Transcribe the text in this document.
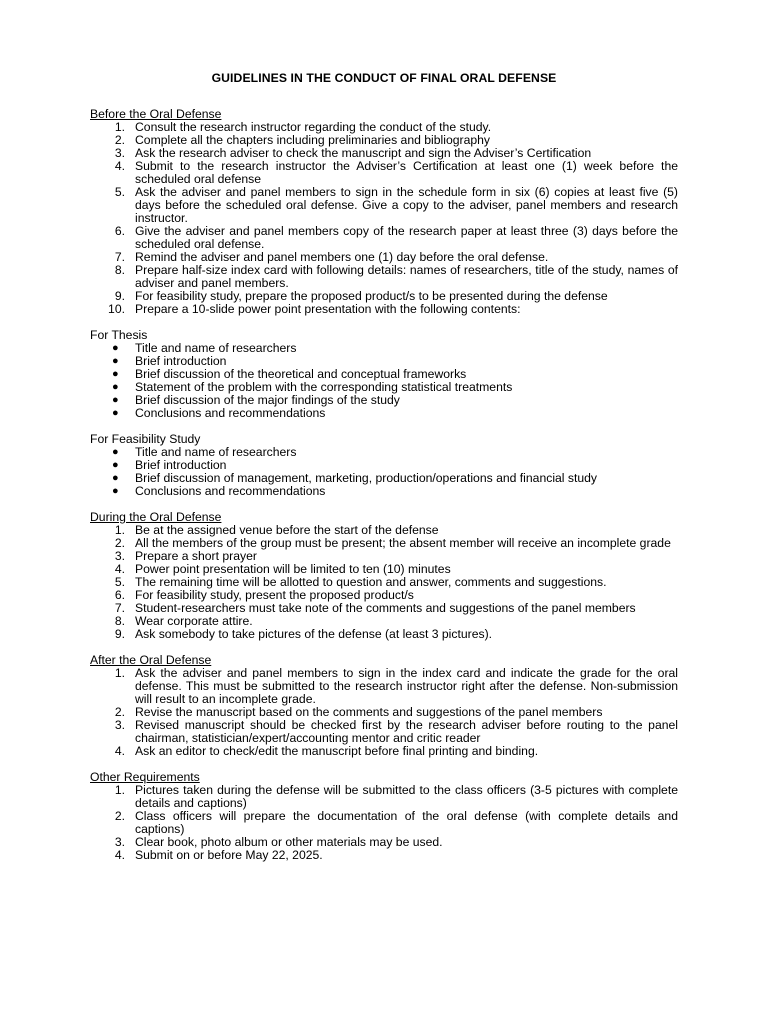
GUIDELINES IN THE CONDUCT OF FINAL ORAL DEFENSE
Before the Oral Defense
1. Consult the research instructor regarding the conduct of the study.
2. Complete all the chapters including preliminaries and bibliography
3. Ask the research adviser to check the manuscript and sign the Adviser’s Certification
4. Submit to the research instructor the Adviser’s Certification at least one (1) week before the scheduled oral defense
5. Ask the adviser and panel members to sign in the schedule form in six (6) copies at least five (5) days before the scheduled oral defense. Give a copy to the adviser, panel members and research instructor.
6. Give the adviser and panel members copy of the research paper at least three (3) days before the scheduled oral defense.
7. Remind the adviser and panel members one (1) day before the oral defense.
8. Prepare half-size index card with following details: names of researchers, title of the study, names of adviser and panel members.
9. For feasibility study, prepare the proposed product/s to be presented during the defense
10. Prepare a 10-slide power point presentation with the following contents:
For Thesis
●	Title and name of researchers
●	Brief introduction
●	Brief discussion of the theoretical and conceptual frameworks
●	Statement of the problem with the corresponding statistical treatments
●	Brief discussion of the major findings of the study
●	Conclusions and recommendations
For Feasibility Study
●	Title and name of researchers
●	Brief introduction
●	Brief discussion of management, marketing, production/operations and financial study
●	Conclusions and recommendations
During the Oral Defense
1. Be at the assigned venue before the start of the defense
2. All the members of the group must be present; the absent member will receive an incomplete grade
3. Prepare a short prayer
4. Power point presentation will be limited to ten (10) minutes
5. The remaining time will be allotted to question and answer, comments and suggestions.
6. For feasibility study, present the proposed product/s
7. Student-researchers must take note of the comments and suggestions of the panel members
8. Wear corporate attire.
9. Ask somebody to take pictures of the defense (at least 3 pictures).
After the Oral Defense
1. Ask the adviser and panel members to sign in the index card and indicate the grade for the oral defense. This must be submitted to the research instructor right after the defense. Non-submission will result to an incomplete grade.
2. Revise the manuscript based on the comments and suggestions of the panel members
3. Revised manuscript should be checked first by the research adviser before routing to the panel chairman, statistician/expert/accounting mentor and critic reader
4. Ask an editor to check/edit the manuscript before final printing and binding.
Other Requirements
1. Pictures taken during the defense will be submitted to the class officers (3-5 pictures with complete details and captions)
2. Class officers will prepare the documentation of the oral defense (with complete details and captions)
3. Clear book, photo album or other materials may be used.
4. Submit on or before May 22, 2025.
